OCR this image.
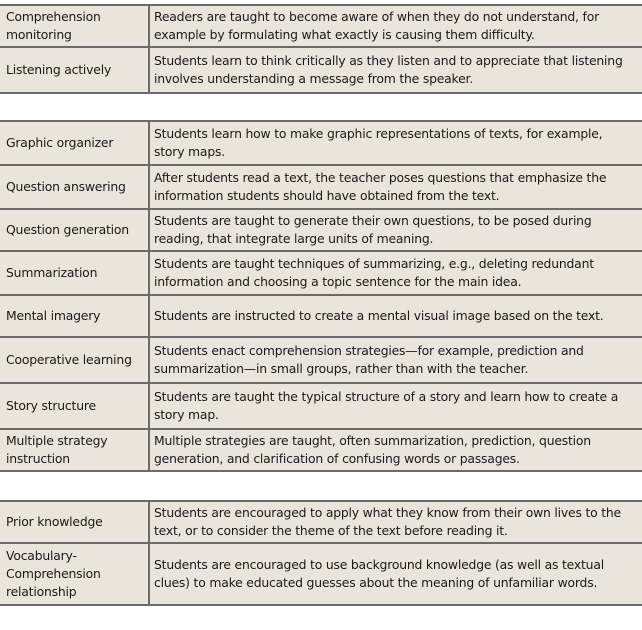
Comprehension monitoring
Readers are taught to become aware of when they do not understand, for example by formulating what exactly is causing them difficulty.
Listening actively
Students learn to think critically as they listen and to appreciate that listening involves understanding a message from the speaker.
Graphic organizer
Students learn how to make graphic representations of texts, for example, story maps.
Question answering
After students read a text, the teacher poses questions that emphasize the information students should have obtained from the text.
Question generation
Students are taught to generate their own questions, to be posed during reading, that integrate large units of meaning.
Summarization
Students are taught techniques of summarizing, e.g., deleting redundant information and choosing a topic sentence for the main idea.
Mental imagery	Students are instructed to create a mental visual image based on the text.
Cooperative learning
Students enact comprehension strategies—for example, prediction and summarization—in small groups, rather than with the teacher.
Story structure
Students are taught the typical structure of a story and learn how to create a story map.
Multiple strategy instruction
Multiple strategies are taught, often summarization, prediction, question generation, and clarification of confusing words or passages.
Prior knowledge
Students are encouraged to apply what they know from their own lives to the text, or to consider the theme of the text before reading it.
Vocabulary-Comprehension relationship
Students are encouraged to use background knowledge (as well as textual clues) to make educated guesses about the meaning of unfamiliar words.
